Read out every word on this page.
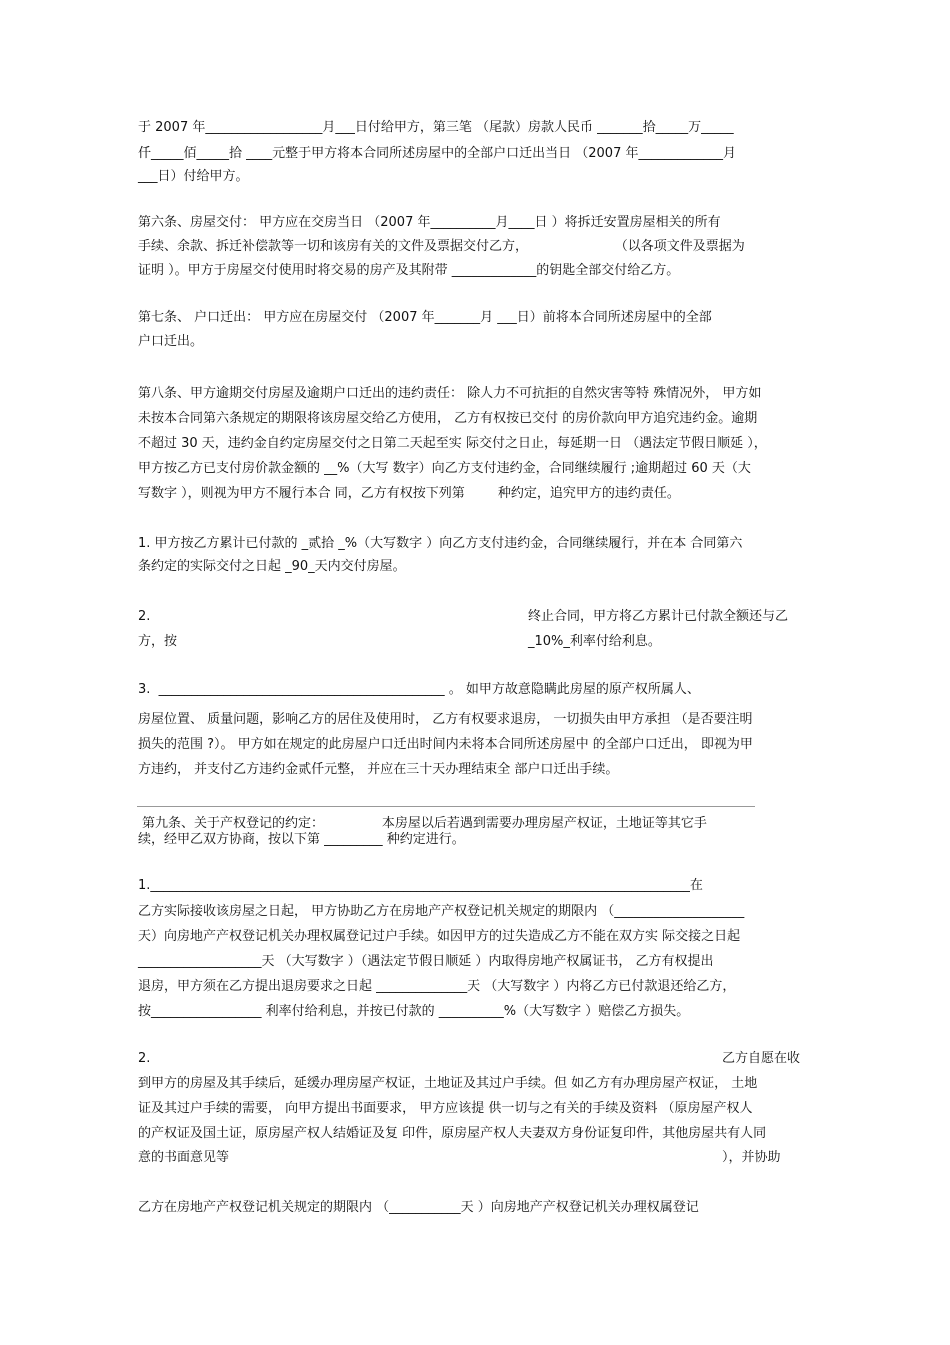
于 2007 年__________________月___日付给甲方，第三笔 （尾款）房款人民币 _______拾_____万_____
仟_____佰_____拾 ____元整于甲方将本合同所述房屋中的全部户口迁出当日 （2007 年_____________月
___日）付给甲方。
第六条、房屋交付： 甲方应在交房当日 （2007 年__________月____日 ）将拆迁安置房屋相关的所有
手续、余款、拆迁补偿款等一切和该房有关的文件及票据交付乙方，                     （以各项文件及票据为
证明 ）。甲方于房屋交付使用时将交易的房产及其附带 _____________的钥匙全部交付给乙方。
第七条、 户口迁出： 甲方应在房屋交付 （2007 年_______月 ___日）前将本合同所述房屋中的全部
户口迁出。
第八条、甲方逾期交付房屋及逾期户口迁出的违约责任： 除人力不可抗拒的自然灾害等特 殊情况外， 甲方如
未按本合同第六条规定的期限将该房屋交给乙方使用， 乙方有权按已交付 的房价款向甲方追究违约金。逾期
不超过 30 天，违约金自约定房屋交付之日第二天起至实 际交付之日止，每延期一日 （遇法定节假日顺延 ），
甲方按乙方已支付房价款金额的 __%（大写 数字）向乙方支付违约金，合同继续履行 ;逾期超过 60 天（大
写数字 ），则视为甲方不履行本合 同，乙方有权按下列第        种约定，追究甲方的违约责任。
1. 甲方按乙方累计已付款的 _贰拾 _%（大写数字 ）向乙方支付违约金，合同继续履行，并在本 合同第六
条约定的实际交付之日起 _90_天内交付房屋。
2.	终止合同，甲方将乙方累计已付款全额还与乙
方，按	_10%_利率付给利息。
3.  ____________________________________________ 。 如甲方故意隐瞒此房屋的原产权所属人、
房屋位置、 质量问题，影响乙方的居住及使用时， 乙方有权要求退房， 一切损失由甲方承担 （是否要注明
损失的范围 ?）。 甲方如在规定的此房屋户口迁出时间内未将本合同所述房屋中 的全部户口迁出， 即视为甲
方违约， 并支付乙方违约金贰仟元整， 并应在三十天办理结束全 部户口迁出手续。
第九条、关于产权登记的约定：              本房屋以后若遇到需要办理房屋产权证，土地证等其它手
续，经甲乙双方协商，按以下第 _________ 种约定进行。
1.___________________________________________________________________________________在
乙方实际接收该房屋之日起， 甲方协助乙方在房地产产权登记机关规定的期限内 （____________________
天）向房地产产权登记机关办理权属登记过户手续。如因甲方的过失造成乙方不能在双方实 际交接之日起
___________________天 （大写数字 ）（遇法定节假日顺延 ）内取得房地产权属证书， 乙方有权提出
退房，甲方须在乙方提出退房要求之日起 ______________天 （大写数字 ）内将乙方已付款退还给乙方，
按_________________ 利率付给利息，并按已付款的 __________%（大写数字 ）赔偿乙方损失。
2.	乙方自愿在收
到甲方的房屋及其手续后，延缓办理房屋产权证，土地证及其过户手续。但 如乙方有办理房屋产权证， 土地
证及其过户手续的需要， 向甲方提出书面要求， 甲方应该提 供一切与之有关的手续及资料 （原房屋产权人
的产权证及国土证，原房屋产权人结婚证及复 印件，原房屋产权人夫妻双方身份证复印件，其他房屋共有人同
意的书面意见等	），并协助
乙方在房地产产权登记机关规定的期限内 （___________天 ）向房地产产权登记机关办理权属登记
